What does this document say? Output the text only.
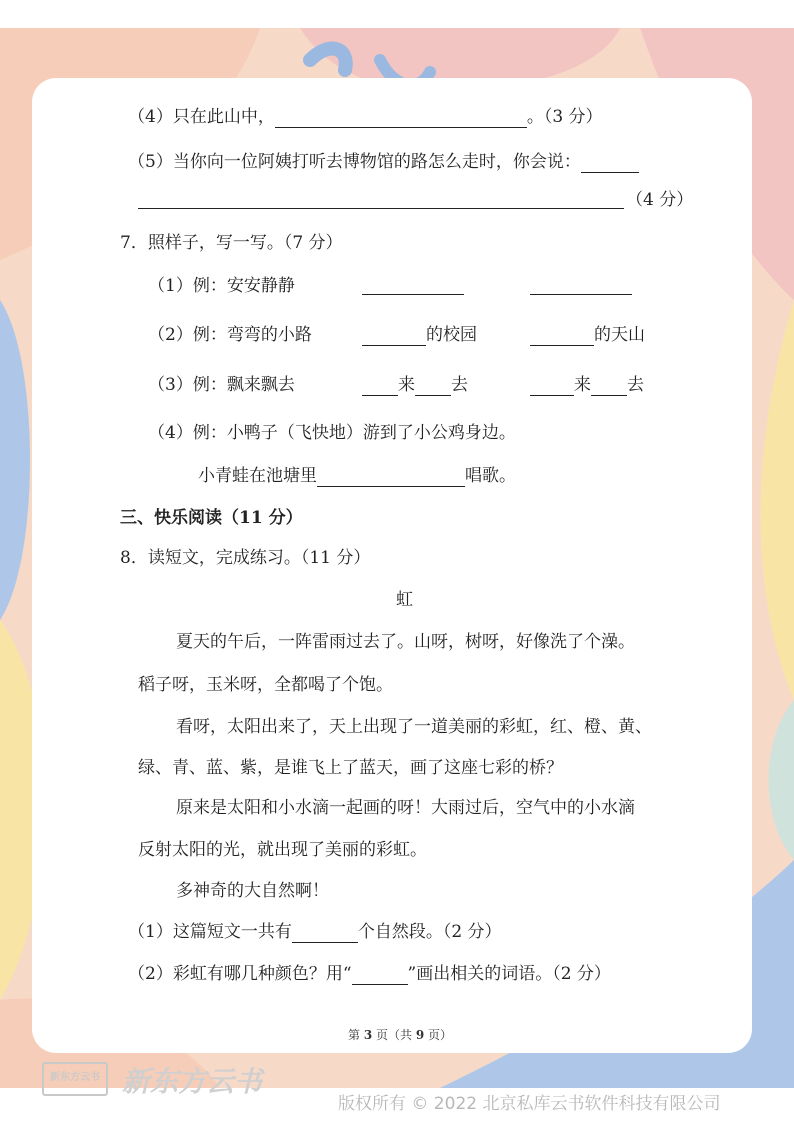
（4）只在此山中，	。（3 分）
（5）当你向一位阿姨打听去博物馆的路怎么走时，你会说：
（4 分）
7．照样子，写一写。（7 分）
（1）例：安安静静
（2）例：弯弯的小路	的校园	的天山
（3）例：飘来飘去	来 去	来 去
（4）例：小鸭子（飞快地）游到了小公鸡身边。
小青蛙在池塘里	唱歌。
三、快乐阅读（11 分）
8．读短文，完成练习。（11 分）
虹
夏天的午后，一阵雷雨过去了。山呀，树呀，好像洗了个澡。
稻子呀，玉米呀，全都喝了个饱。
看呀，太阳出来了，天上出现了一道美丽的彩虹，红、橙、黄、
绿、青、蓝、紫，是谁飞上了蓝天，画了这座七彩的桥？
原来是太阳和小水滴一起画的呀！大雨过后，空气中的小水滴
反射太阳的光，就出现了美丽的彩虹。
多神奇的大自然啊！
（1）这篇短文一共有	个自然段。（2 分）
（2）彩虹有哪几种颜色？用“	”画出相关的词语。（2 分）
第 3 页（共 9 页）
新东方云书 新东方云书
版权所有 © 2022 北京私库云书软件科技有限公司
